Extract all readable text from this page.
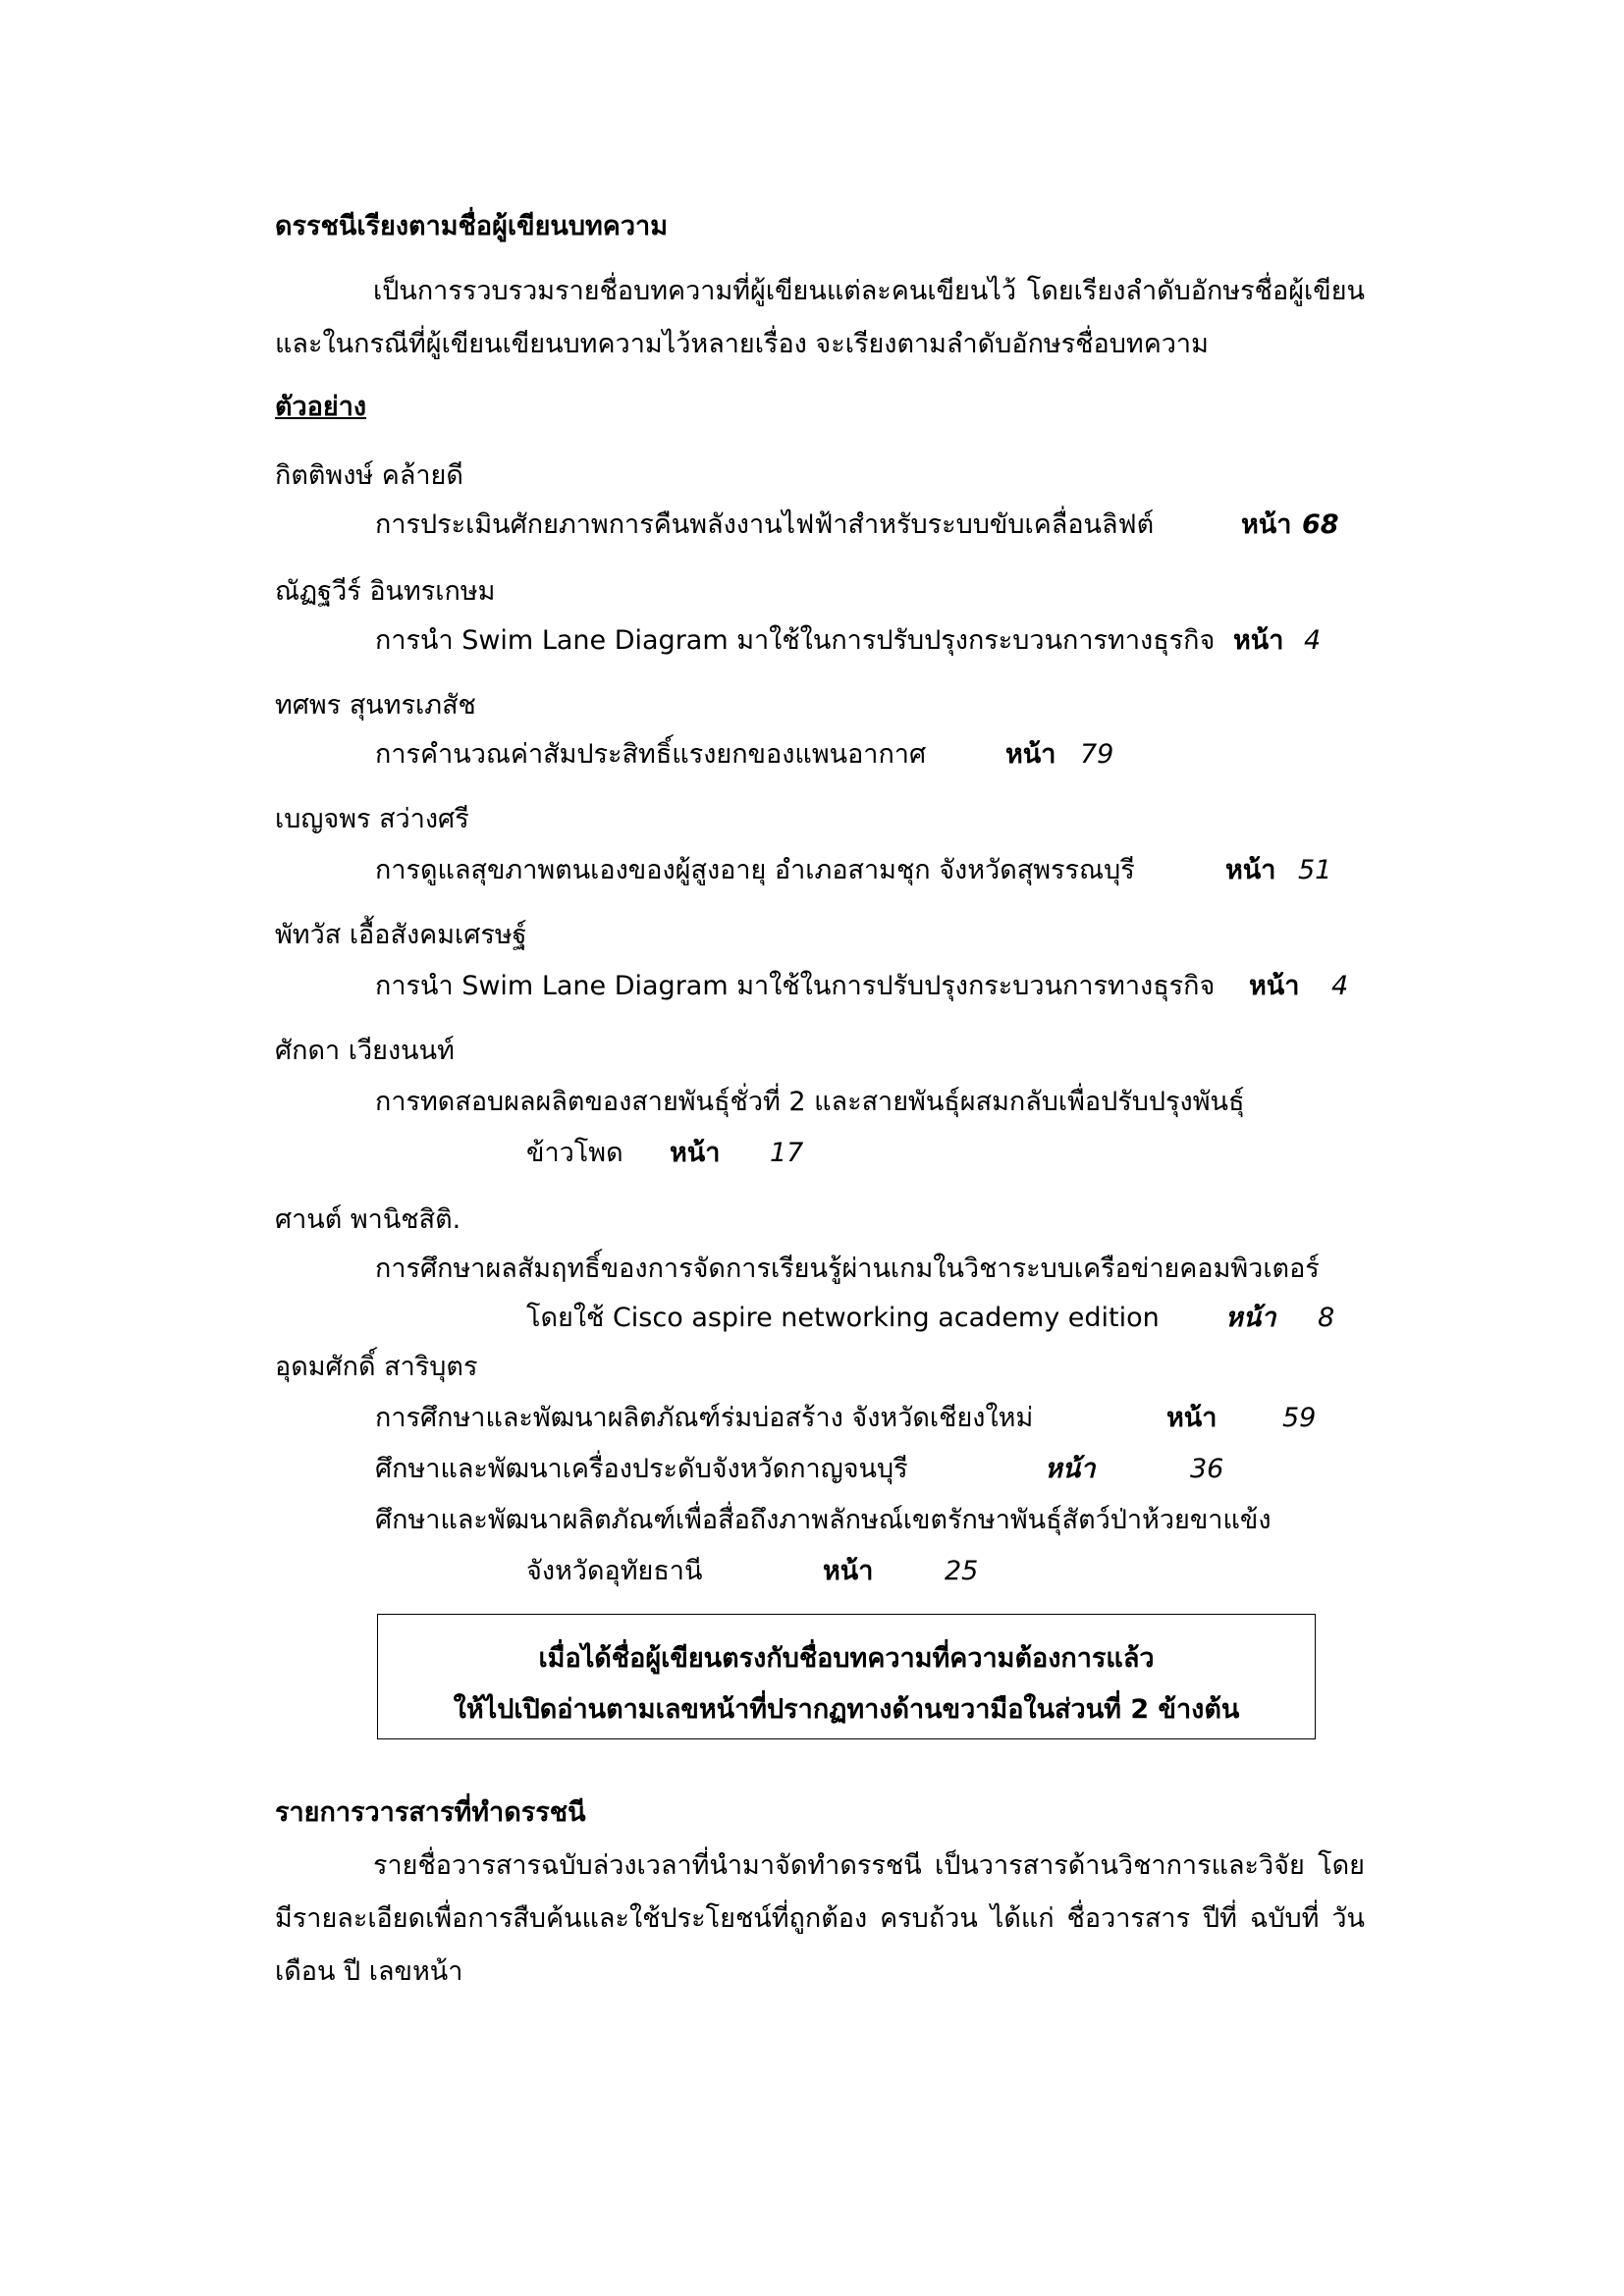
ดรรชนีเรียงตามชื่อผู้เขียนบทความ
เป็นการรวบรวมรายชื่อบทความที่ผู้เขียนแต่ละคนเขียนไว้ โดยเรียงลำดับอักษรชื่อผู้เขียน และในกรณีที่ผู้เขียนเขียนบทความไว้หลายเรื่อง จะเรียงตามลำดับอักษรชื่อบทความ
ตัวอย่าง
กิตติพงษ์ คล้ายดี
การประเมินศักยภาพการคืนพลังงานไฟฟ้าสำหรับระบบขับเคลื่อนลิฟต์	หน้า 68
ณัฏฐวีร์ อินทรเกษม
การนำ Swim Lane Diagram มาใช้ในการปรับปรุงกระบวนการทางธุรกิจ หน้า 4
ทศพร สุนทรเภสัช
การคำนวณค่าสัมประสิทธิ์แรงยกของแพนอากาศ	หน้า 79
เบญจพร สว่างศรี
การดูแลสุขภาพตนเองของผู้สูงอายุ อำเภอสามชุก จังหวัดสุพรรณบุรี	หน้า 51
พัทวัส เอื้อสังคมเศรษฐ์
การนำ Swim Lane Diagram มาใช้ในการปรับปรุงกระบวนการทางธุรกิจ หน้า 4
ศักดา เวียงนนท์
การทดสอบผลผลิตของสายพันธุ์ชั่วที่ 2 และสายพันธุ์ผสมกลับเพื่อปรับปรุงพันธุ์
ข้าวโพด หน้า 17
ศานต์ พานิชสิติ.
การศึกษาผลสัมฤทธิ์ของการจัดการเรียนรู้ผ่านเกมในวิชาระบบเครือข่ายคอมพิวเตอร์
โดยใช้ Cisco aspire networking academy edition หน้า 8
อุดมศักดิ์ สาริบุตร
การศึกษาและพัฒนาผลิตภัณฑ์ร่มบ่อสร้าง จังหวัดเชียงใหม่	หน้า 59
ศึกษาและพัฒนาเครื่องประดับจังหวัดกาญจนบุรี	หน้า	36
ศึกษาและพัฒนาผลิตภัณฑ์เพื่อสื่อถึงภาพลักษณ์เขตรักษาพันธุ์สัตว์ป่าห้วยขาแข้ง
จังหวัดอุทัยธานี	หน้า	25
เมื่อได้ชื่อผู้เขียนตรงกับชื่อบทความที่ความต้องการแล้ว
ให้ไปเปิดอ่านตามเลขหน้าที่ปรากฏทางด้านขวามือในส่วนที่ 2 ข้างต้น
รายการวารสารที่ทำดรรชนี
รายชื่อวารสารฉบับล่วงเวลาที่นำมาจัดทำดรรชนี เป็นวารสารด้านวิชาการและวิจัย โดยมีรายละเอียดเพื่อการสืบค้นและใช้ประโยชน์ที่ถูกต้อง ครบถ้วน ได้แก่ ชื่อวารสาร ปีที่ ฉบับที่ วัน เดือน ปี เลขหน้า
